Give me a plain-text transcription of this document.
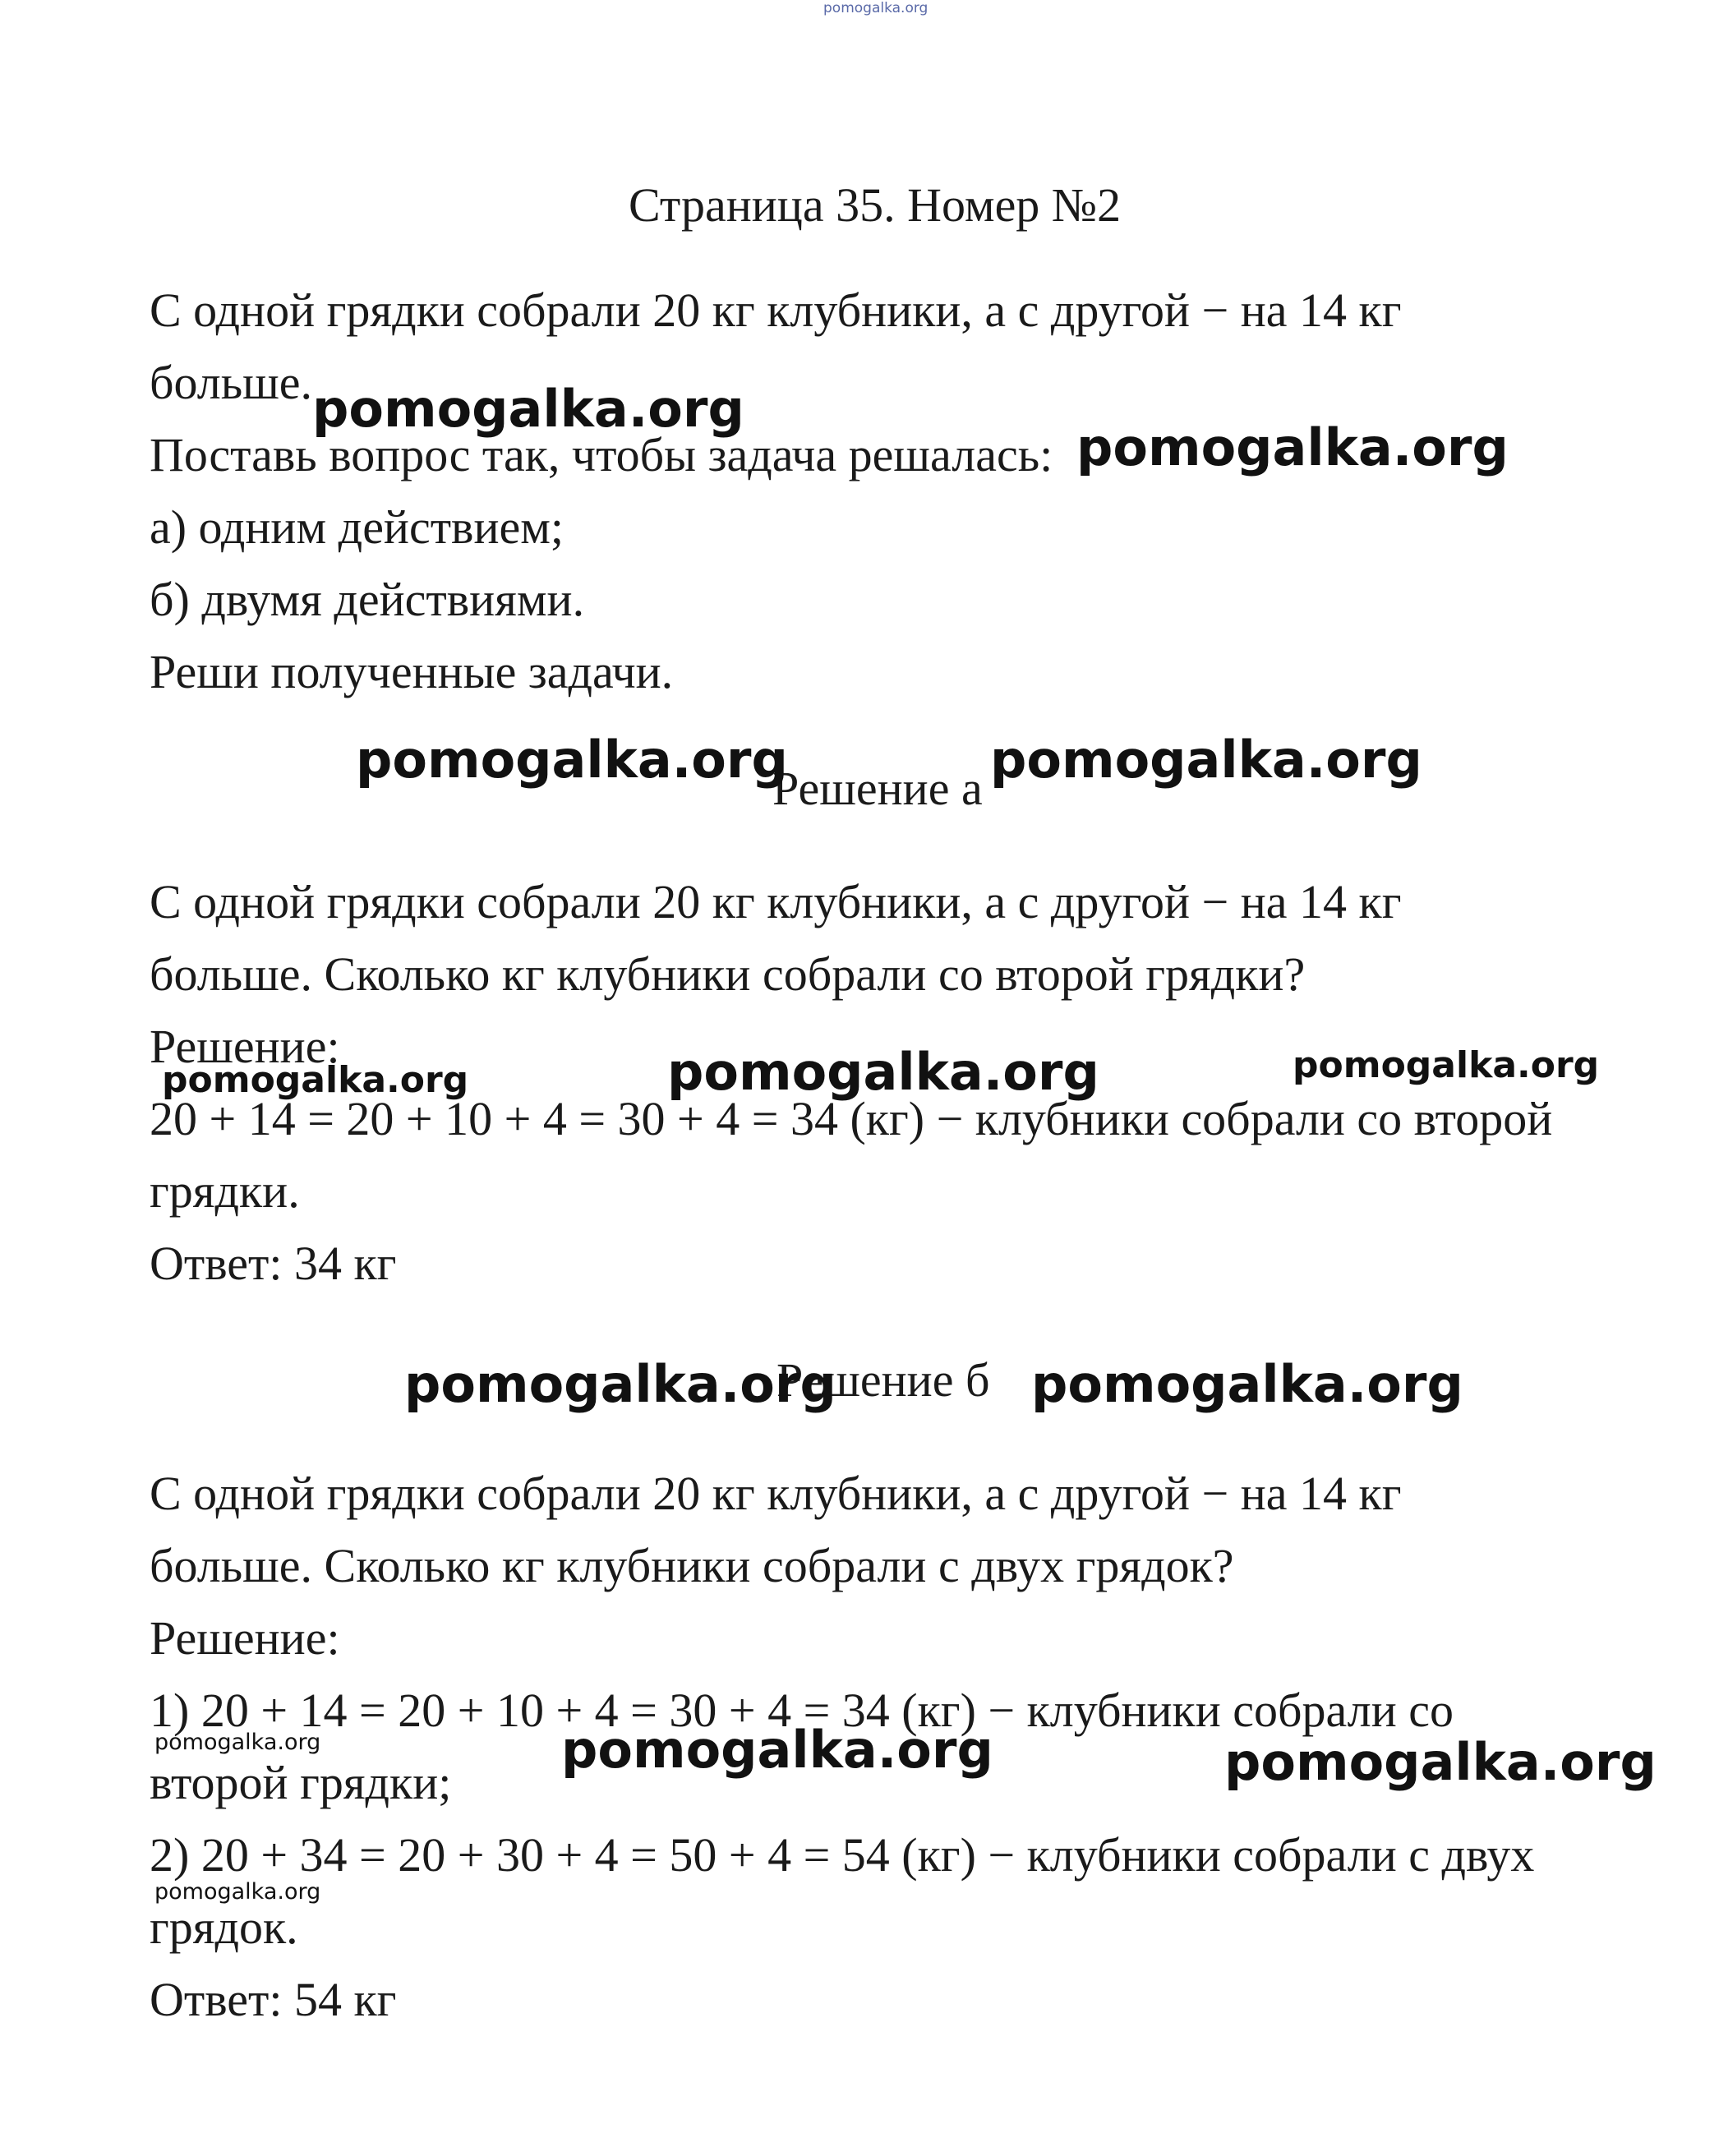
pomogalka.org
Страница 35. Номер №2
С одной грядки собрали 20 кг клубники, а с другой − на 14 кг
больше.
Поставь вопрос так, чтобы задача решалась:
а) одним действием;
б) двумя действиями.
Реши полученные задачи.
pomogalka.org
pomogalka.org
Решение а
pomogalka.org	pomogalka.org
С одной грядки собрали 20 кг клубники, а с другой − на 14 кг
больше. Сколько кг клубники собрали со второй грядки?
Решение:
20 + 14 = 20 + 10 + 4 = 30 + 4 = 34 (кг) − клубники собрали со второй
грядки.
Ответ: 34 кг
pomogalka.org	pomogalka.org	pomogalka.org
Решение б
pomogalka.org	pomogalka.org
С одной грядки собрали 20 кг клубники, а с другой − на 14 кг
больше. Сколько кг клубники собрали с двух грядок?
Решение:
1) 20 + 14 = 20 + 10 + 4 = 30 + 4 = 34 (кг) − клубники собрали со
второй грядки;
2) 20 + 34 = 20 + 30 + 4 = 50 + 4 = 54 (кг) − клубники собрали с двух
грядок.
Ответ: 54 кг
pomogalka.org	pomogalka.org	pomogalka.org
pomogalka.org
